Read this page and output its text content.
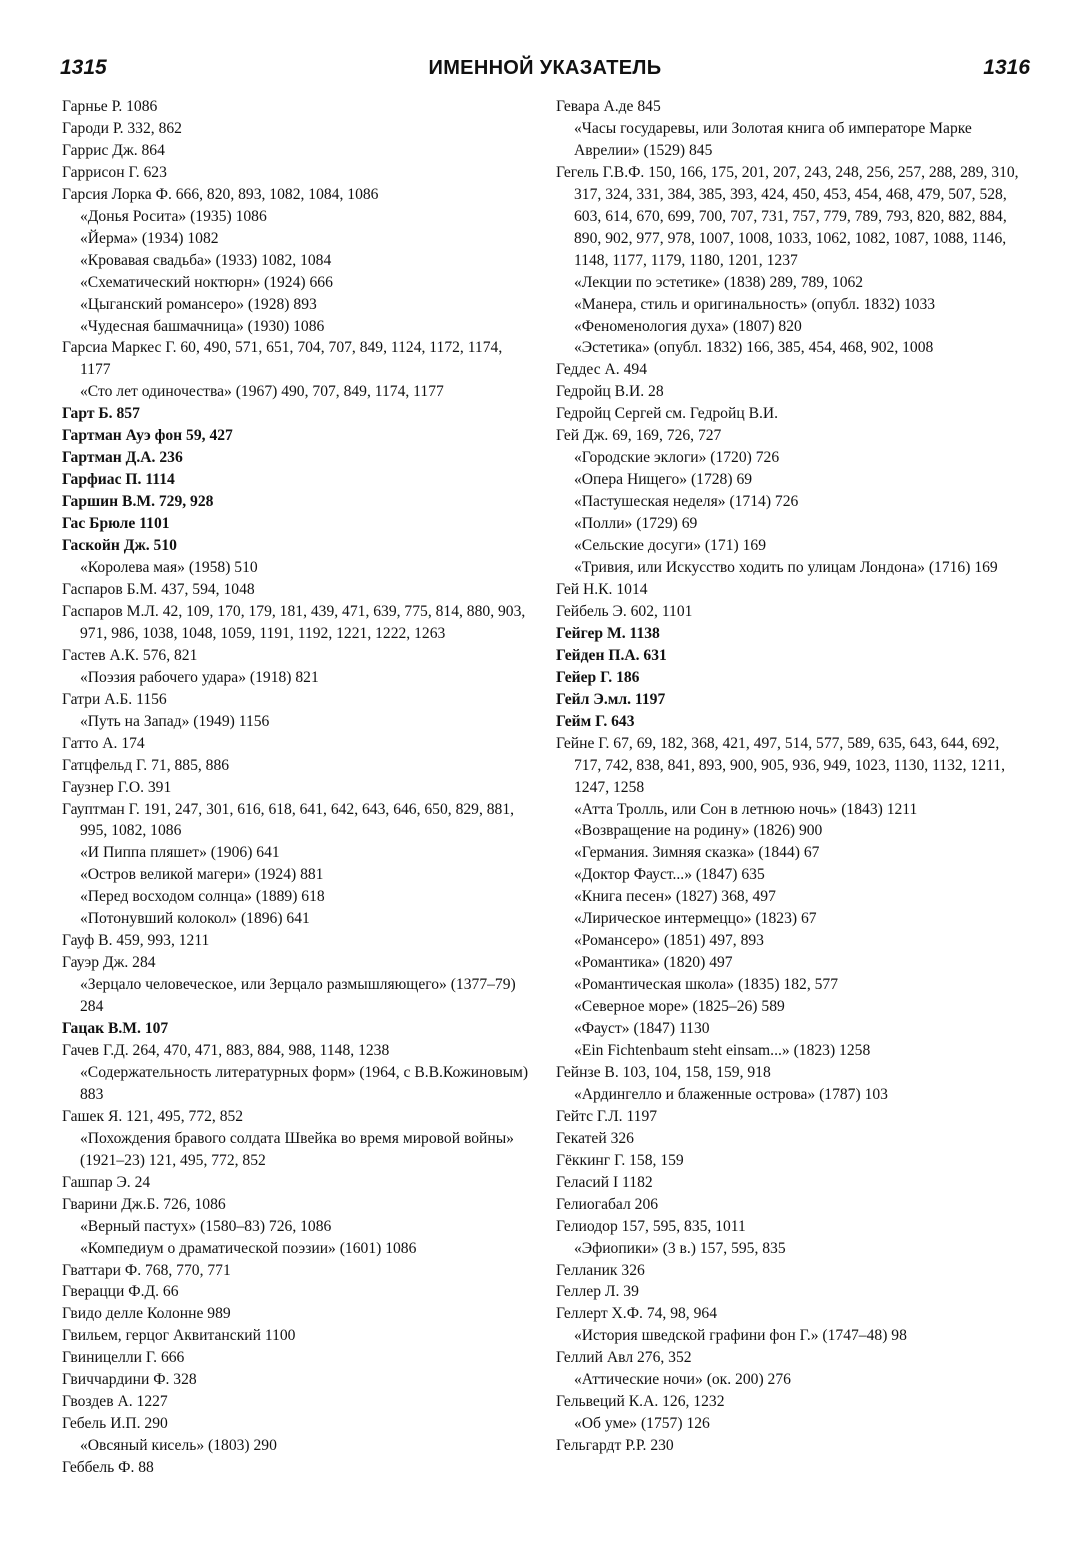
1315	ИМЕННОЙ УКАЗАТЕЛЬ	1316
Гарнье Р. 1086
Гароди Р. 332, 862
Гаррис Дж. 864
Гаррисон Г. 623
Гарсия Лорка Ф. 666, 820, 893, 1082, 1084, 1086
«Донья Росита» (1935) 1086
«Йерма» (1934) 1082
«Кровавая свадьба» (1933) 1082, 1084
«Схематический ноктюрн» (1924) 666
«Цыганский романсеро» (1928) 893
«Чудесная башмачница» (1930) 1086
Гарсиа Маркес Г. 60, 490, 571, 651, 704, 707, 849, 1124, 1172, 1174, 1177
«Сто лет одиночества» (1967) 490, 707, 849, 1174, 1177
Гарт Б. 857
Гартман Ауэ фон 59, 427
Гартман Д.А. 236
Гарфиас П. 1114
Гаршин В.М. 729, 928
Гас Брюле 1101
Гаскойн Дж. 510
«Королева мая» (1958) 510
Гаспаров Б.М. 437, 594, 1048
Гаспаров М.Л. 42, 109, 170, 179, 181, 439, 471, 639, 775, 814, 880, 903, 971, 986, 1038, 1048, 1059, 1191, 1192, 1221, 1222, 1263
Гастев А.К. 576, 821
«Поэзия рабочего удара» (1918) 821
Гатри А.Б. 1156
«Путь на Запад» (1949) 1156
Гатто А. 174
Гатцфельд Г. 71, 885, 886
Гаузнер Г.О. 391
Гауптман Г. 191, 247, 301, 616, 618, 641, 642, 643, 646, 650, 829, 881, 995, 1082, 1086
«И Пиппа пляшет» (1906) 641
«Остров великой магери» (1924) 881
«Перед восходом солнца» (1889) 618
«Потонувший колокол» (1896) 641
Гауф В. 459, 993, 1211
Гауэр Дж. 284
«Зерцало человеческое, или Зерцало размышляющего» (1377–79) 284
Гацак В.М. 107
Гачев Г.Д. 264, 470, 471, 883, 884, 988, 1148, 1238
«Содержательность литературных форм» (1964, с В.В.Кожиновым) 883
Гашек Я. 121, 495, 772, 852
«Похождения бравого солдата Швейка во время мировой войны» (1921–23) 121, 495, 772, 852
Гашпар Э. 24
Гварини Дж.Б. 726, 1086
«Верный пастух» (1580–83) 726, 1086
«Компедиум о драматической поэзии» (1601) 1086
Гваттари Ф. 768, 770, 771
Гверацци Ф.Д. 66
Гвидо делле Колонне 989
Гвильем, герцог Аквитанский 1100
Гвиницелли Г. 666
Гвиччардини Ф. 328
Гвоздев А. 1227
Гебель И.П. 290
«Овсяный кисель» (1803) 290
Геббель Ф. 88
Гевара А.де 845
«Часы государевы, или Золотая книга об императоре Марке Аврелии» (1529) 845
Гегель Г.В.Ф. 150, 166, 175, 201, 207, 243, 248, 256, 257, 288, 289, 310, 317, 324, 331, 384, 385, 393, 424, 450, 453, 454, 468, 479, 507, 528, 603, 614, 670, 699, 700, 707, 731, 757, 779, 789, 793, 820, 882, 884, 890, 902, 977, 978, 1007, 1008, 1033, 1062, 1082, 1087, 1088, 1146, 1148, 1177, 1179, 1180, 1201, 1237
«Лекции по эстетике» (1838) 289, 789, 1062
«Манера, стиль и оригинальность» (опубл. 1832) 1033
«Феноменология духа» (1807) 820
«Эстетика» (опубл. 1832) 166, 385, 454, 468, 902, 1008
Геддес А. 494
Гедройц В.И. 28
Гедройц Сергей см. Гедройц В.И.
Гей Дж. 69, 169, 726, 727
«Городские эклоги» (1720) 726
«Опера Нищего» (1728) 69
«Пастушеская неделя» (1714) 726
«Полли» (1729) 69
«Сельские досуги» (171) 169
«Тривия, или Искусство ходить по улицам Лондона» (1716) 169
Гей Н.К. 1014
Гейбель Э. 602, 1101
Гейгер М. 1138
Гейден П.А. 631
Гейер Г. 186
Гейл Э.мл. 1197
Гейм Г. 643
Гейне Г. 67, 69, 182, 368, 421, 497, 514, 577, 589, 635, 643, 644, 692, 717, 742, 838, 841, 893, 900, 905, 936, 949, 1023, 1130, 1132, 1211, 1247, 1258
«Атта Тролль, или Сон в летнюю ночь» (1843) 1211
«Возвращение на родину» (1826) 900
«Германия. Зимняя сказка» (1844) 67
«Доктор Фауст...» (1847) 635
«Книга песен» (1827) 368, 497
«Лирическое интермеццо» (1823) 67
«Романсеро» (1851) 497, 893
«Романтика» (1820) 497
«Романтическая школа» (1835) 182, 577
«Северное море» (1825–26) 589
«Фауст» (1847) 1130
«Ein Fichtenbaum steht einsam...» (1823) 1258
Гейнзе В. 103, 104, 158, 159, 918
«Ардингелло и блаженные острова» (1787) 103
Гейтс Г.Л. 1197
Гекатей 326
Гёккинг Г. 158, 159
Геласий I 1182
Гелиогабал 206
Гелиодор 157, 595, 835, 1011
«Эфиопики» (3 в.) 157, 595, 835
Гелланик 326
Геллер Л. 39
Геллерт Х.Ф. 74, 98, 964
«История шведской графини фон Г.» (1747–48) 98
Геллий Авл 276, 352
«Аттические ночи» (ок. 200) 276
Гельвеций К.А. 126, 1232
«Об уме» (1757) 126
Гельгардт Р.Р. 230
